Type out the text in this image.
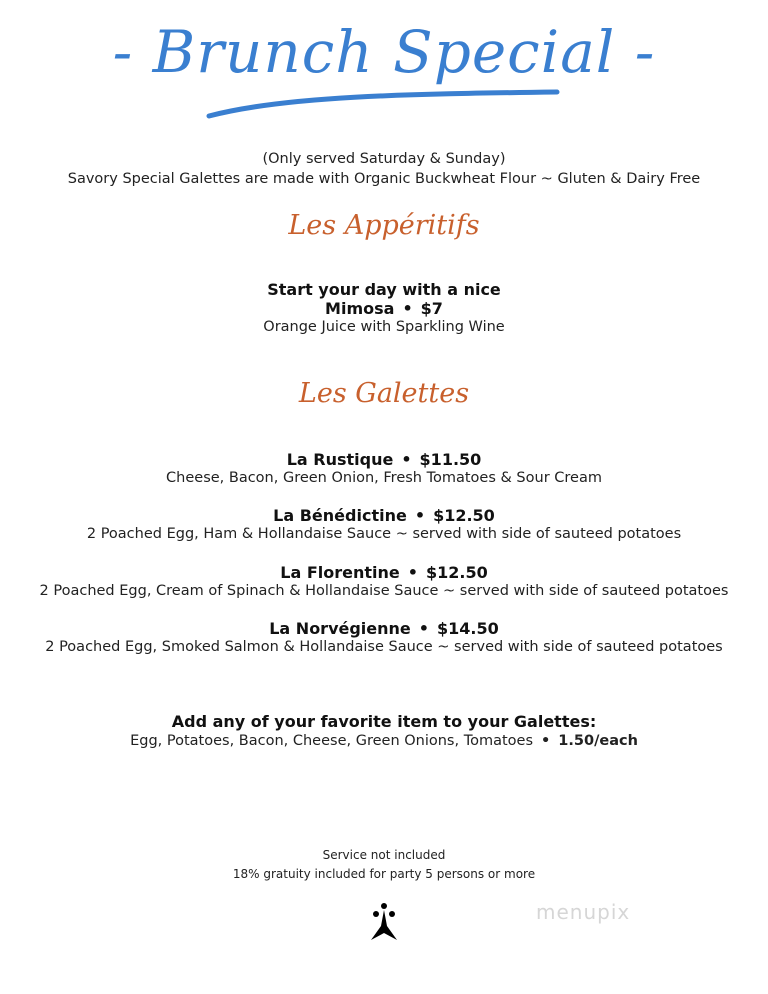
- Brunch Special -
(Only served Saturday & Sunday)
Savory Special Galettes are made with Organic Buckwheat Flour ~ Gluten & Dairy Free
Les Appéritifs
Start your day with a nice
Mimosa • $7
Orange Juice with Sparkling Wine
Les Galettes
La Rustique • $11.50
Cheese, Bacon, Green Onion, Fresh Tomatoes & Sour Cream
La Bénédictine • $12.50
2 Poached Egg, Ham & Hollandaise Sauce ~ served with side of sauteed potatoes
La Florentine • $12.50
2 Poached Egg, Cream of Spinach & Hollandaise Sauce ~ served with side of sauteed potatoes
La Norvégienne • $14.50
2 Poached Egg, Smoked Salmon & Hollandaise Sauce ~ served with side of sauteed potatoes
Add any of your favorite item to your Galettes:
Egg, Potatoes, Bacon, Cheese, Green Onions, Tomatoes • 1.50/each
Service not included
18% gratuity included for party 5 persons or more
menupix
